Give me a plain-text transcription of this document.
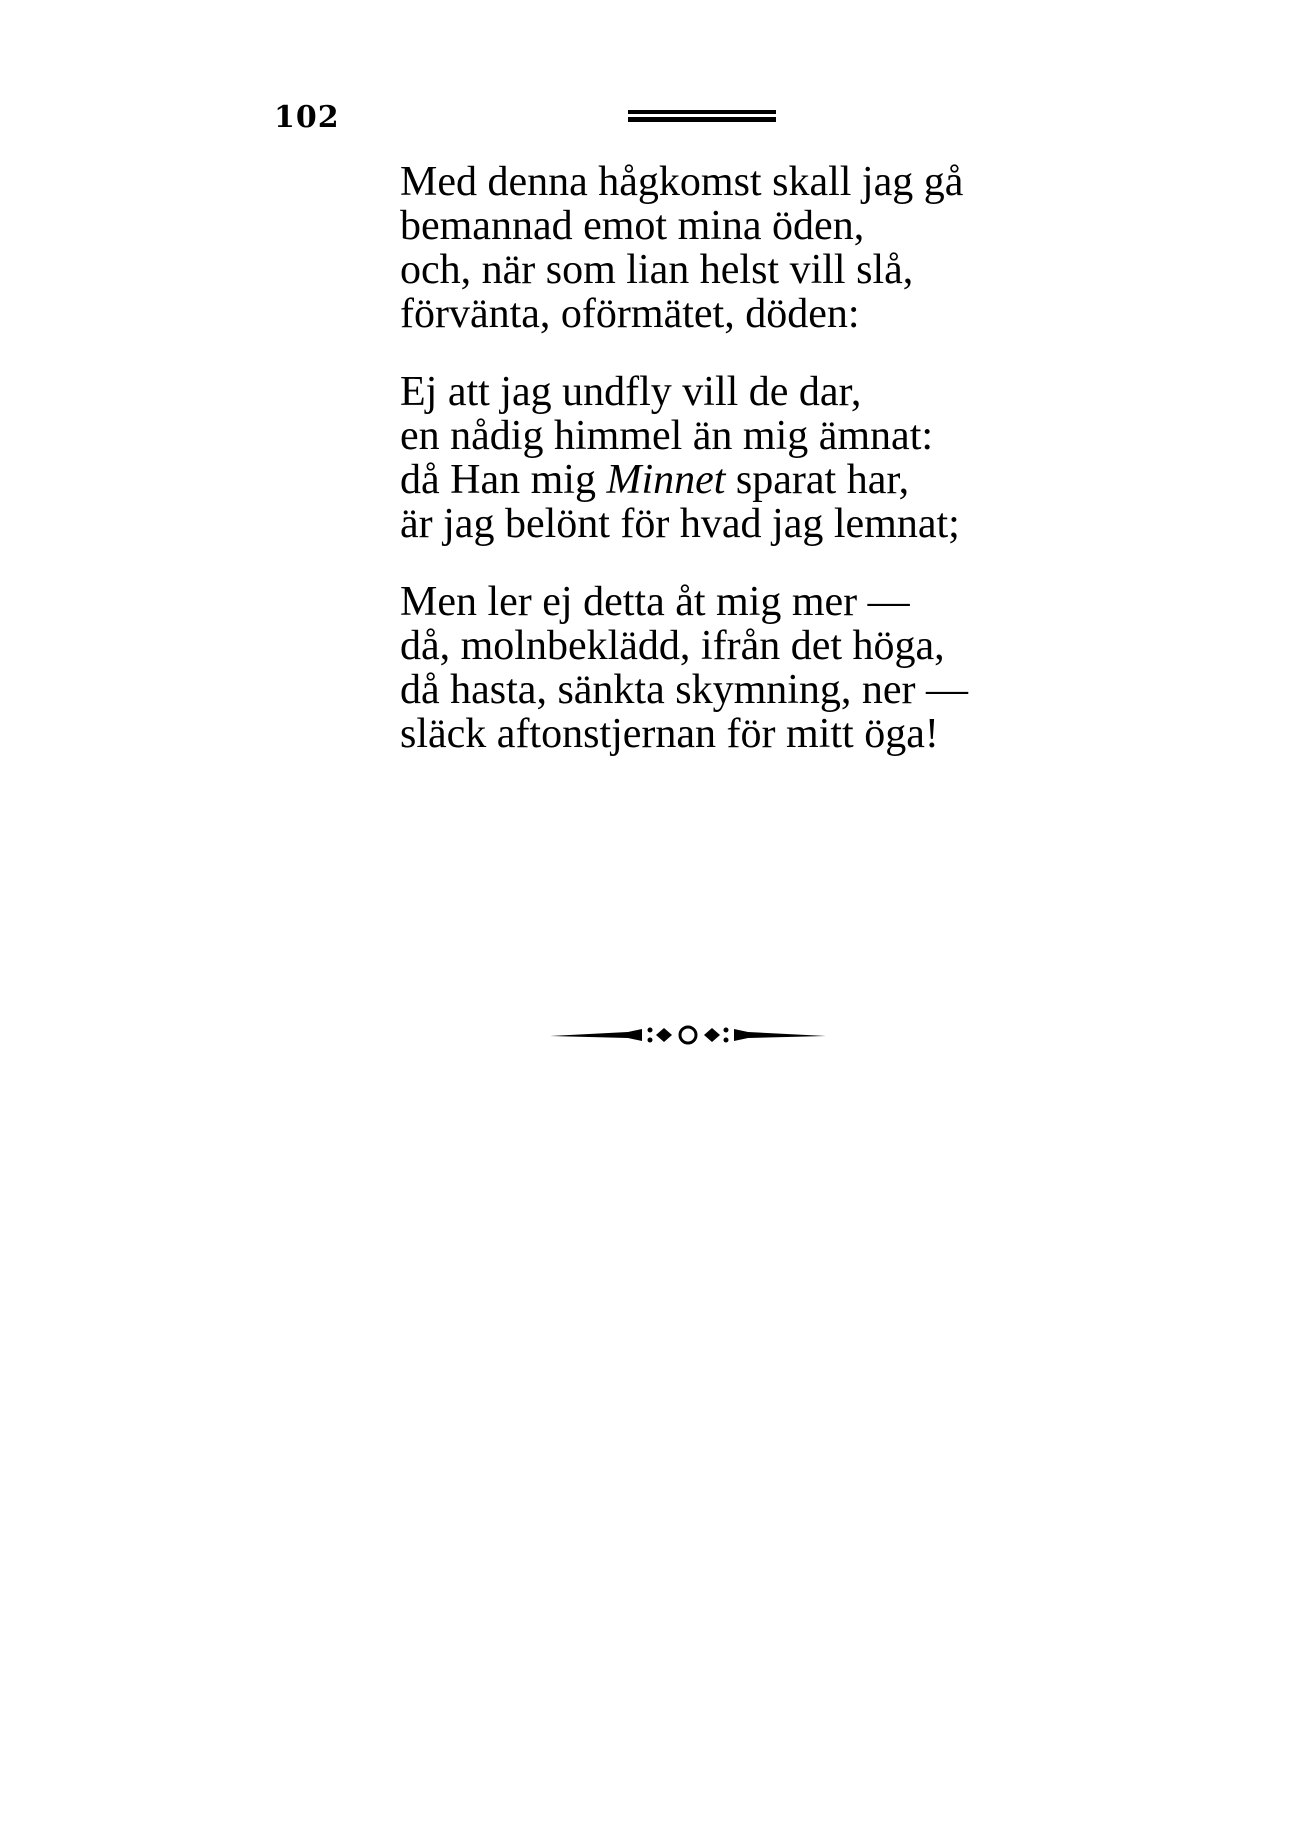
102
Med denna hågkomst skall jag gå
bemannad emot mina öden,
och, när som lian helst vill slå,
förvänta, oförmätet, döden:
Ej att jag undfly vill de dar,
en nådig himmel än mig ämnat:
då Han mig Minnet sparat har,
är jag belönt för hvad jag lemnat;
Men ler ej detta åt mig mer —
då, molnbeklädd, ifrån det höga,
då hasta, sänkta skymning, ner —
släck aftonstjernan för mitt öga!
